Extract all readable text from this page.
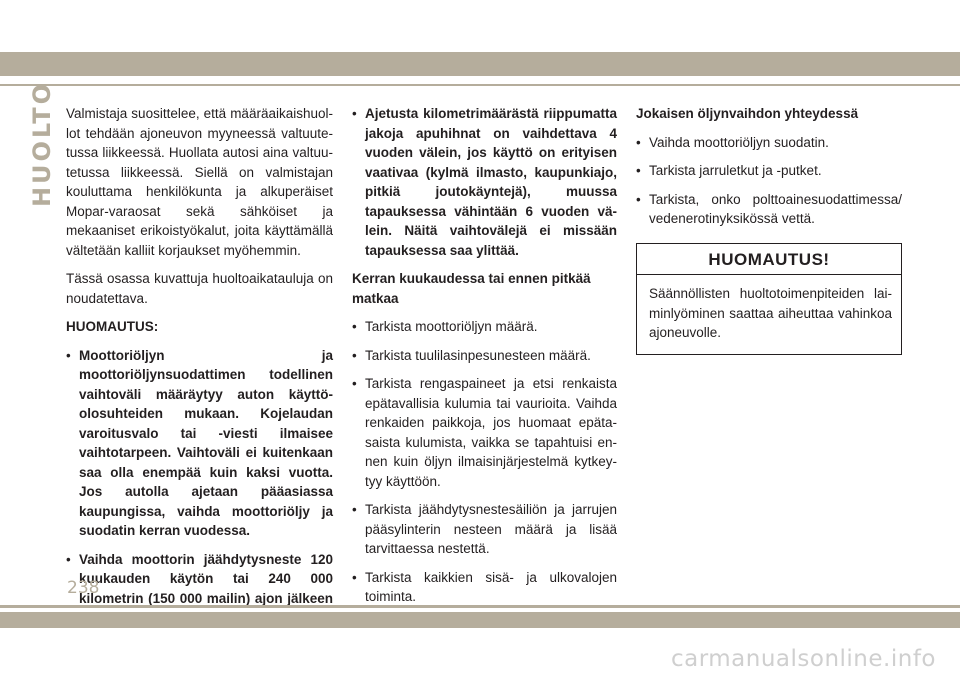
HUOLTO Valmistaja suosittelee, että määräaikaishuollot tehdään ajoneuvon myyneessä valtuutetussa liikkeessä. Huollata autosi aina valtuutetussa liikkeessä. Siellä on valmistajan kouluttama henkilökunta ja alkuperäiset Mopar-varaosat sekä sähköiset ja mekaaniset erikoistyökalut, joita käyttämällä vältetään kalliit korjaukset myöhemmin.

Tässä osassa kuvattuja huoltoaikatauluja on noudatettava.

HUOMAUTUS:

• Moottoriöljyn ja moottoriöljynsuodattimen todellinen vaihtoväli määräytyy auton käyttöolosuhteiden mukaan. Kojelaudan varoitusvalo tai -viesti ilmaisee vaihtotarpeen. Vaihtoväli ei kuitenkaan saa olla enempää kuin kaksi vuotta. Jos autolla ajetaan pääasiassa kaupungissa, vaihda moottoriöljy ja suodatin kerran vuodessa.

• Vaihda moottorin jäähdytysneste 120 kuukauden käytön tai 240 000 kilometrin (150 000 mailin) ajon jälkeen

• Ajetusta kilometrimäärästä riippumatta jakoja apuhihnat on vaihdettava 4 vuoden välein, jos käyttö on erityisen vaativaa (kylmä ilmasto, kaupunkiajo, pitkiä joutokäyntejä), muussa tapauksessa vähintään 6 vuoden välein. Näitä vaihtovälejä ei missään tapauksessa saa ylittää.

Kerran kuukaudessa tai ennen pitkää matkaa

• Tarkista moottoriöljyn määrä.

• Tarkista tuulilasinpesunesteen määrä.

• Tarkista rengaspaineet ja etsi renkaista epätavallisia kulumia tai vaurioita. Vaihda renkaiden paikkoja, jos huomaat epätasaista kulumista, vaikka se tapahtuisi ennen kuin öljyn ilmaisinjärjestelmä kytkeytyy käyttöön.

• Tarkista jäähdytysnestesäiliön ja jarrujen pääsylinterin nesteen määrä ja lisää tarvittaessa nestettä.

• Tarkista kaikkien sisä- ja ulkovalojen toiminta.

Jokaisen öljynvaihdon yhteydessä

• Vaihda moottoriöljyn suodatin.

• Tarkista jarruletkut ja -putket.

• Tarkista, onko polttoainesuodattimessa/ vedenerotinyksikössä vettä.

HUOMAUTUS!
Säännöllisten huoltotoimenpiteiden laiminlyöminen saattaa aiheuttaa vahinkoa ajoneuvolle.
238
carmanualsonline.info
